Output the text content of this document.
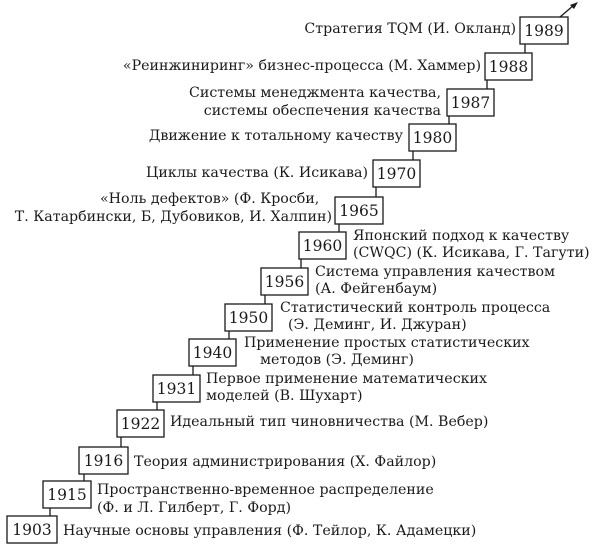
1903 Научные основы управления (Ф. Тейлор, К. Адамецки)
1915 Пространственно-временное распределение
(Ф. и Л. Гилберт, Г. Форд)
1916 Теория администрирования (Х. Файлор)
1922 Идеальный тип чиновничества (М. Вебер)
1931
Первое применение математических
моделей (В. Шухарт)
1940
Применение простых статистических
методов (Э. Деминг)
1950
Статистический контроль процесса
(Э. Деминг, И. Джуран)
1956
Система управления качеством
(А. Фейгенбаум)
1960
Японский подход к качеству
(CWQC) (К. Исикава, Г. Тагути)
1965
«Ноль дефектов» (Ф. Кросби,
Т. Катарбински, Б, Дубовиков, И. Халпин)
1970
Циклы качества (К. Исикава)
1980
Движение к тотальному качеству
1987
Системы менеджмента качества,
системы обеспечения качества
1988
«Реинжиниринг» бизнес-процесса (М. Хаммер)
1989
Стратегия TQM (И. Окланд)
